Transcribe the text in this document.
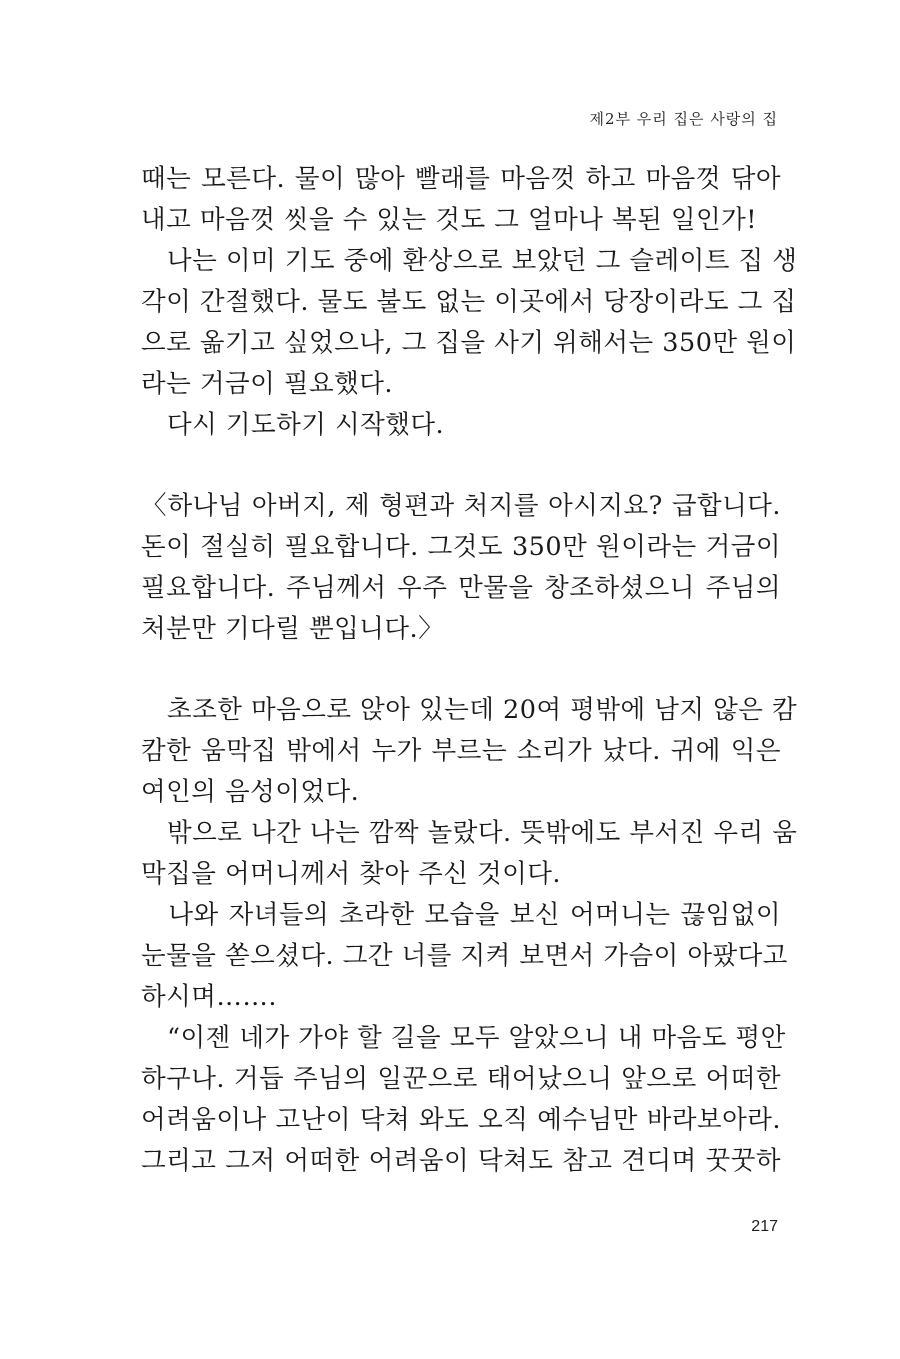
제2부 우리 집은 사랑의 집
때는 모른다. 물이 많아 빨래를 마음껏 하고 마음껏 닦아
내고 마음껏 씻을 수 있는 것도 그 얼마나 복된 일인가!
　나는 이미 기도 중에 환상으로 보았던 그 슬레이트 집 생
각이 간절했다. 물도 불도 없는 이곳에서 당장이라도 그 집
으로 옮기고 싶었으나, 그 집을 사기 위해서는 350만 원이
라는 거금이 필요했다.
　다시 기도하기 시작했다.
〈하나님 아버지, 제 형편과 처지를 아시지요? 급합니다.
돈이 절실히 필요합니다. 그것도 350만 원이라는 거금이
필요합니다. 주님께서 우주 만물을 창조하셨으니 주님의
처분만 기다릴 뿐입니다.〉
　초조한 마음으로 앉아 있는데 20여 평밖에 남지 않은 캄
캄한 움막집 밖에서 누가 부르는 소리가 났다. 귀에 익은
여인의 음성이었다.
　밖으로 나간 나는 깜짝 놀랐다. 뜻밖에도 부서진 우리 움
막집을 어머니께서 찾아 주신 것이다.
　나와 자녀들의 초라한 모습을 보신 어머니는 끊임없이
눈물을 쏟으셨다. 그간 너를 지켜 보면서 가슴이 아팠다고
하시며…….
　“이젠 네가 가야 할 길을 모두 알았으니 내 마음도 평안
하구나. 거듭 주님의 일꾼으로 태어났으니 앞으로 어떠한
어려움이나 고난이 닥쳐 와도 오직 예수님만 바라보아라.
그리고 그저 어떠한 어려움이 닥쳐도 참고 견디며 꿋꿋하
217
